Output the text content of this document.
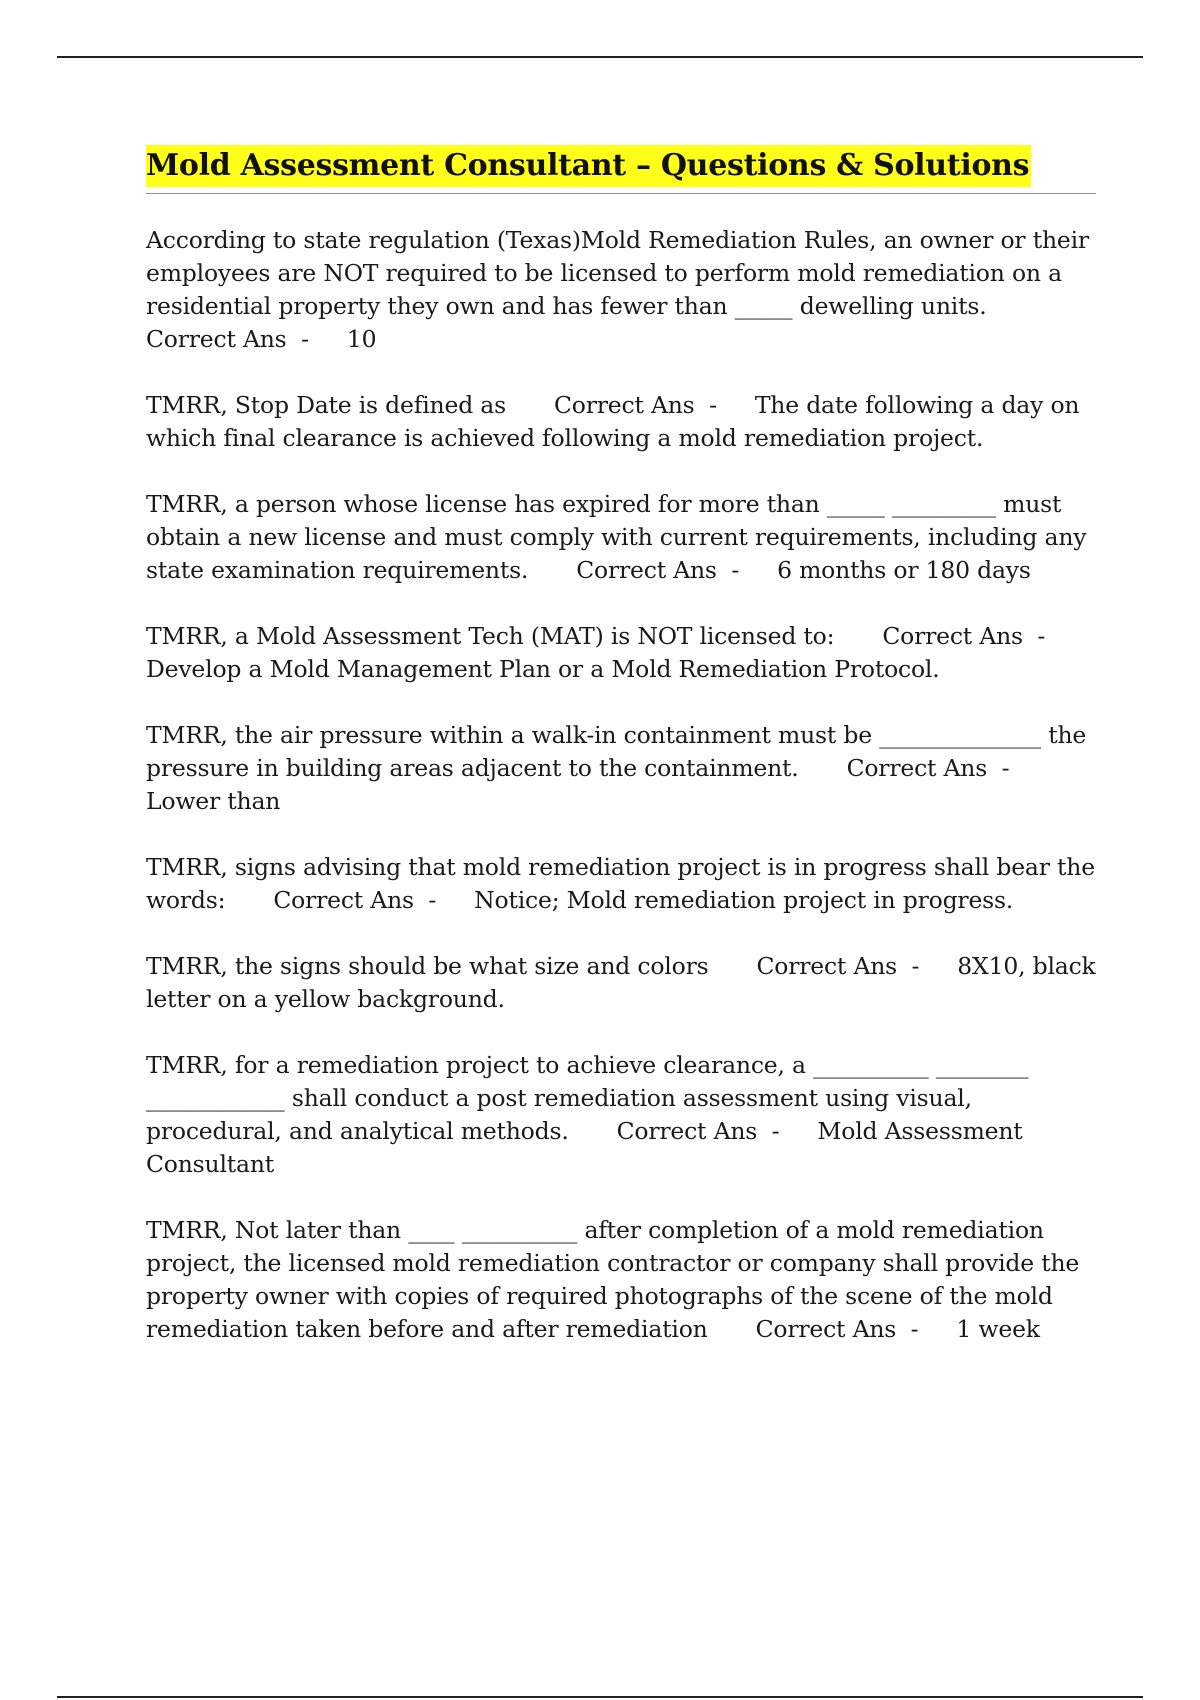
Mold Assessment Consultant – Questions & Solutions

According to state regulation (Texas)Mold Remediation Rules, an owner or their employees are NOT required to be licensed to perform mold remediation on a residential property they own and has fewer than _____ dewelling units.Correct Ans  - 10

TMRR, Stop Date is defined as Correct Ans  - The date following a day on which final clearance is achieved following a mold remediation project.

TMRR, a person whose license has expired for more than _____ _________ must obtain a new license and must comply with current requirements, including any state examination requirements. Correct Ans  - 6 months or 180 days

TMRR, a Mold Assessment Tech (MAT) is NOT licensed to: Correct Ans  -Develop a Mold Management Plan or a Mold Remediation Protocol.

TMRR, the air pressure within a walk-in containment must be ______________ the pressure in building areas adjacent to the containment. Correct Ans  -Lower than

TMRR, signs advising that mold remediation project is in progress shall bear the words: Correct Ans  - Notice; Mold remediation project in progress.

TMRR, the signs should be what size and colors Correct Ans  - 8X10, black letter on a yellow background.

TMRR, for a remediation project to achieve clearance, a __________ ________ ____________ shall conduct a post remediation assessment using visual, procedural, and analytical methods. Correct Ans  - Mold Assessment Consultant

TMRR, Not later than ____ __________ after completion of a mold remediation project, the licensed mold remediation contractor or company shall provide the property owner with copies of required photographs of the scene of the mold remediation taken before and after remediation Correct Ans  - 1 week
